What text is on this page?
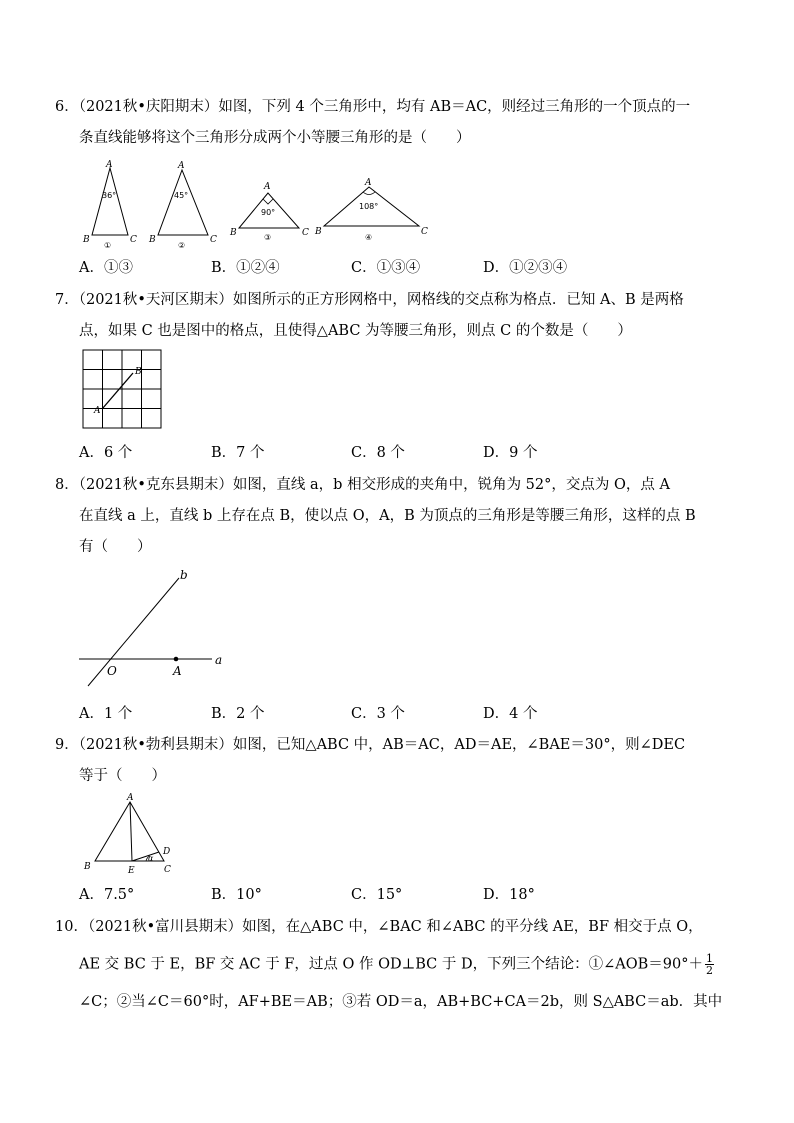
6．（2021秋•庆阳期末）如图，下列 4 个三角形中，均有 AB＝AC，则经过三角形的一个顶点的一
条直线能够将这个三角形分成两个小等腰三角形的是（　　）
A
B	C
36°
①
A
B	C
45°
②
A
B	C
90°
③
A
B	C
108°
④
A．①③	B．①②④	C．①③④	D．①②③④
7．（2021秋•天河区期末）如图所示的正方形网格中，网格线的交点称为格点．已知 A、B 是两格
点，如果 C 也是图中的格点，且使得△ABC 为等腰三角形，则点 C 的个数是（　　）
A
B
A．6 个	B．7 个	C．8 个	D．9 个
8．（2021秋•克东县期末）如图，直线 a，b 相交形成的夹角中，锐角为 52°，交点为 O，点 A
在直线 a 上，直线 b 上存在点 B，使以点 O，A，B 为顶点的三角形是等腰三角形，这样的点 B
有（　　）
a
b
O	A
A．1 个	B．2 个	C．3 个	D．4 个
9．（2021秋•勃利县期末）如图，已知△ABC 中，AB＝AC，AD＝AE，∠BAE＝30°，则∠DEC
等于（　　）
A
B	C
D
E
α
A．7.5°	B．10°	C．15°	D．18°
10．（2021秋•富川县期末）如图，在△ABC 中，∠BAC 和∠ABC 的平分线 AE，BF 相交于点 O，
AE 交 BC 于 E，BF 交 AC 于 F，过点 O 作 OD⊥BC 于 D，下列三个结论：①∠AOB＝90°＋ $\frac{1}{2}$
∠C；②当∠C＝60°时，AF+BE＝AB；③若 OD＝a，AB+BC+CA＝2b，则 S△ABC＝ab．其中
